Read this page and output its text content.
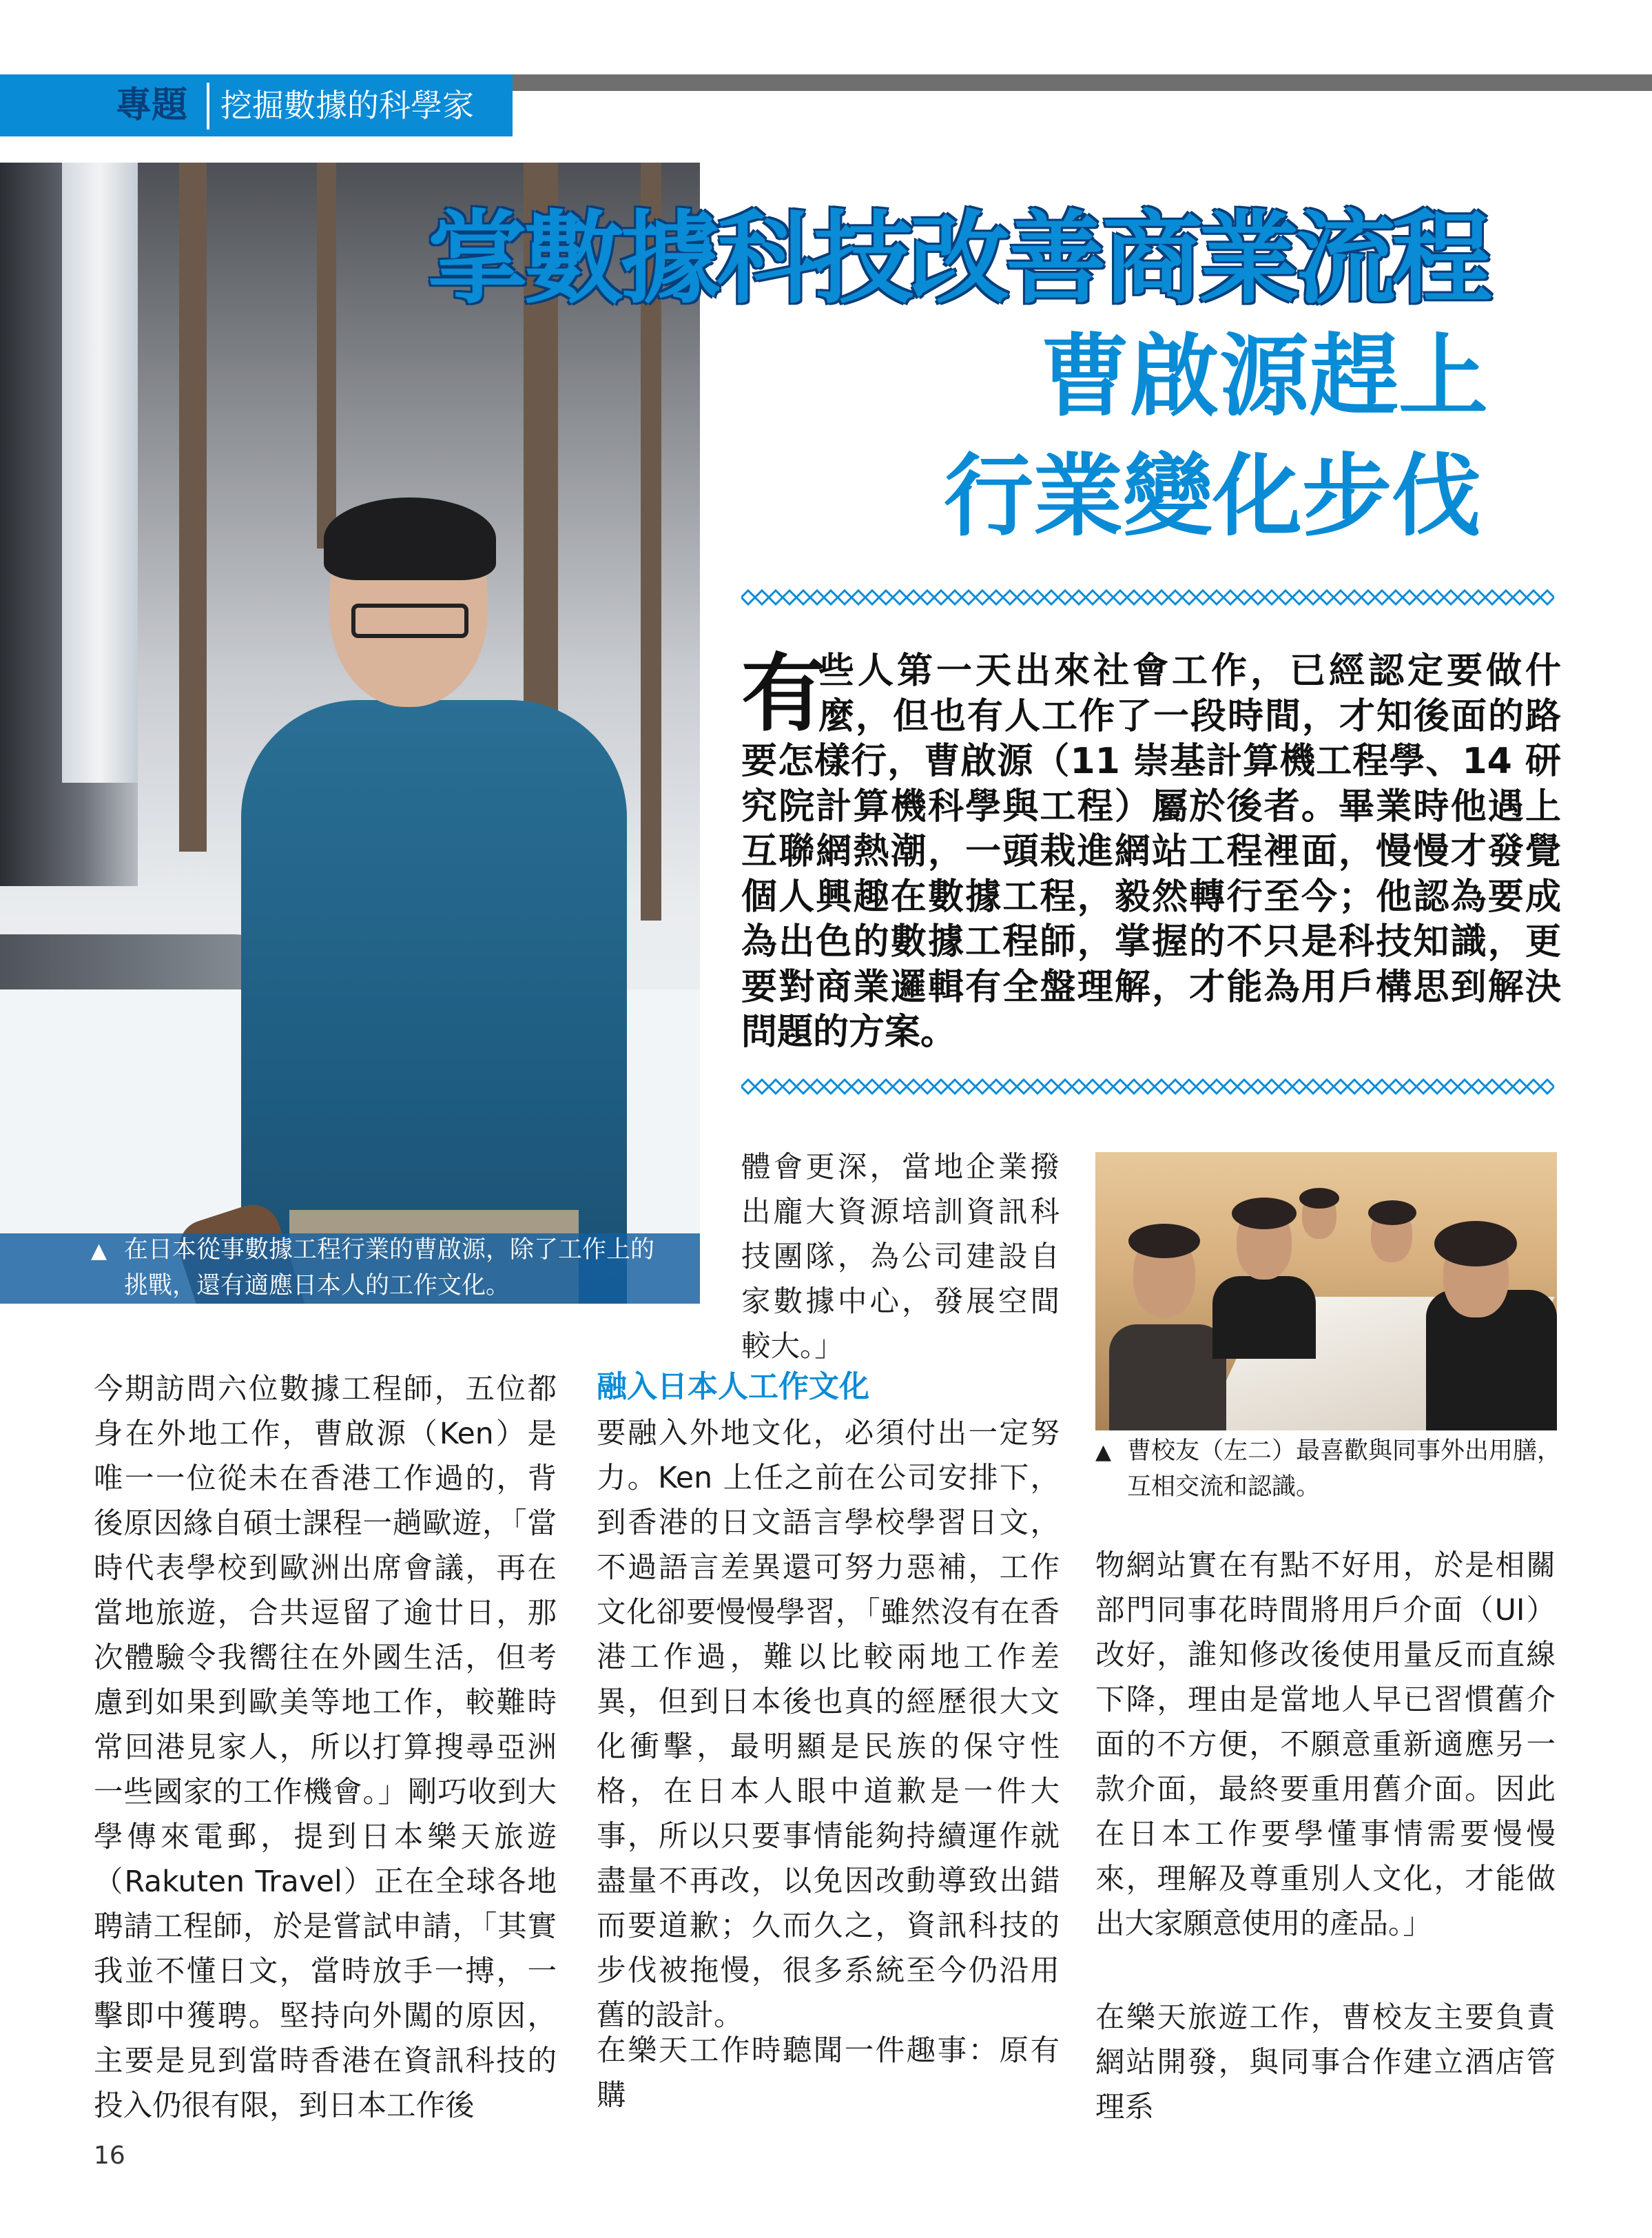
專題	挖掘數據的科學家
▲ 在日本從事數據工程行業的曹啟源，除了工作上的挑戰，還有適應日本人的工作文化。
掌數據科技改善商業流程
曹啟源趕上
行業變化步伐
有
些人第一天出來社會工作，已經認定要做什麼，但也有人工作了一段時間，才知後面的路要怎樣行，曹啟源（11 崇基計算機工程學、14 研究院計算機科學與工程）屬於後者。畢業時他遇上互聯網熱潮，一頭栽進網站工程裡面，慢慢才發覺個人興趣在數據工程，毅然轉行至今；他認為要成為出色的數據工程師，掌握的不只是科技知識，更要對商業邏輯有全盤理解，才能為用戶構思到解決問題的方案。
今期訪問六位數據工程師，五位都身在外地工作，曹啟源（Ken）是唯一一位從未在香港工作過的，背後原因緣自碩士課程一趟歐遊，「當時代表學校到歐洲出席會議，再在當地旅遊，合共逗留了逾廿日，那次體驗令我嚮往在外國生活，但考慮到如果到歐美等地工作，較難時常回港見家人，所以打算搜尋亞洲一些國家的工作機會。」剛巧收到大學傳來電郵，提到日本樂天旅遊（Rakuten Travel）正在全球各地聘請工程師，於是嘗試申請，「其實我並不懂日文，當時放手一搏，一擊即中獲聘。堅持向外闖的原因，主要是見到當時香港在資訊科技的投入仍很有限，到日本工作後
體會更深，當地企業撥出龐大資源培訓資訊科技團隊，為公司建設自家數據中心，發展空間較大。」
融入日本人工作文化
要融入外地文化，必須付出一定努力。Ken 上任之前在公司安排下，到香港的日文語言學校學習日文，不過語言差異還可努力惡補，工作文化卻要慢慢學習，「雖然沒有在香港工作過，難以比較兩地工作差異，但到日本後也真的經歷很大文化衝擊，最明顯是民族的保守性格，在日本人眼中道歉是一件大事，所以只要事情能夠持續運作就盡量不再改，以免因改動導致出錯而要道歉；久而久之，資訊科技的步伐被拖慢，很多系統至今仍沿用舊的設計。
在樂天工作時聽聞一件趣事：原有購
▲ 曹校友（左二）最喜歡與同事外出用膳，互相交流和認識。
物網站實在有點不好用，於是相關部門同事花時間將用戶介面（UI）改好，誰知修改後使用量反而直線下降，理由是當地人早已習慣舊介面的不方便，不願意重新適應另一款介面，最終要重用舊介面。因此在日本工作要學懂事情需要慢慢來，理解及尊重別人文化，才能做出大家願意使用的產品。」
在樂天旅遊工作，曹校友主要負責網站開發，與同事合作建立酒店管理系
16
